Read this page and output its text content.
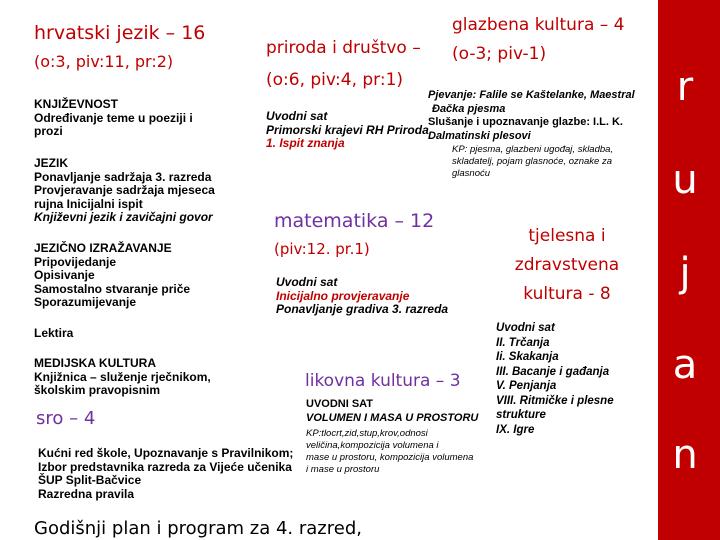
r
u
j
a
n
hrvatski jezik – 16
(o:3, piv:11, pr:2)
KNJIŽEVNOST
Određivanje teme u poeziji i
prozi
JEZIK
Ponavljanje sadržaja 3. razreda
Provjeravanje sadržaja mjeseca
rujna Inicijalni ispit
Književni jezik i zavičajni govor
JEZIČNO IZRAŽAVANJE
Pripovijedanje
Opisivanje
Samostalno stvaranje priče
Sporazumijevanje
Lektira
MEDIJSKA KULTURA
Knjižnica – služenje rječnikom,
školskim pravopisnim
sro – 4
Kućni red škole, Upoznavanje s Pravilnikom;
Izbor predstavnika razreda za Vijeće učenika
ŠUP Split-Bačvice
Razredna pravila
Godišnji plan i program za 4. razred,
priroda i društvo –
(o:6, piv:4, pr:1)
Uvodni sat
Primorski krajevi RH Priroda
1. Ispit znanja
glazbena kultura – 4
(o-3; piv-1)
Pjevanje: Falile se Kaštelanke, Maestral
Đačka pjesma
Slušanje i upoznavanje glazbe: I.L. K.
Dalmatinski plesovi
KP: pjesma, glazbeni ugođaj, skladba,
skladatelj, pojam glasnoće, oznake za
glasnoću
matematika – 12
(piv:12. pr.1)
Uvodni sat
Inicijalno provjeravanje
Ponavljanje gradiva 3. razreda
tjelesna i
zdravstvena
kultura - 8
Uvodni sat
II. Trčanja
Ii. Skakanja
III. Bacanje i gađanja
V. Penjanja
VIII. Ritmičke i plesne
strukture
IX. Igre
likovna kultura – 3
UVODNI SAT
VOLUMEN I MASA U PROSTORU
KP:tlocrt,zid,stup,krov,odnosi
veličina,kompozicija volumena i
mase u prostoru, kompozicija volumena
i mase u prostoru
